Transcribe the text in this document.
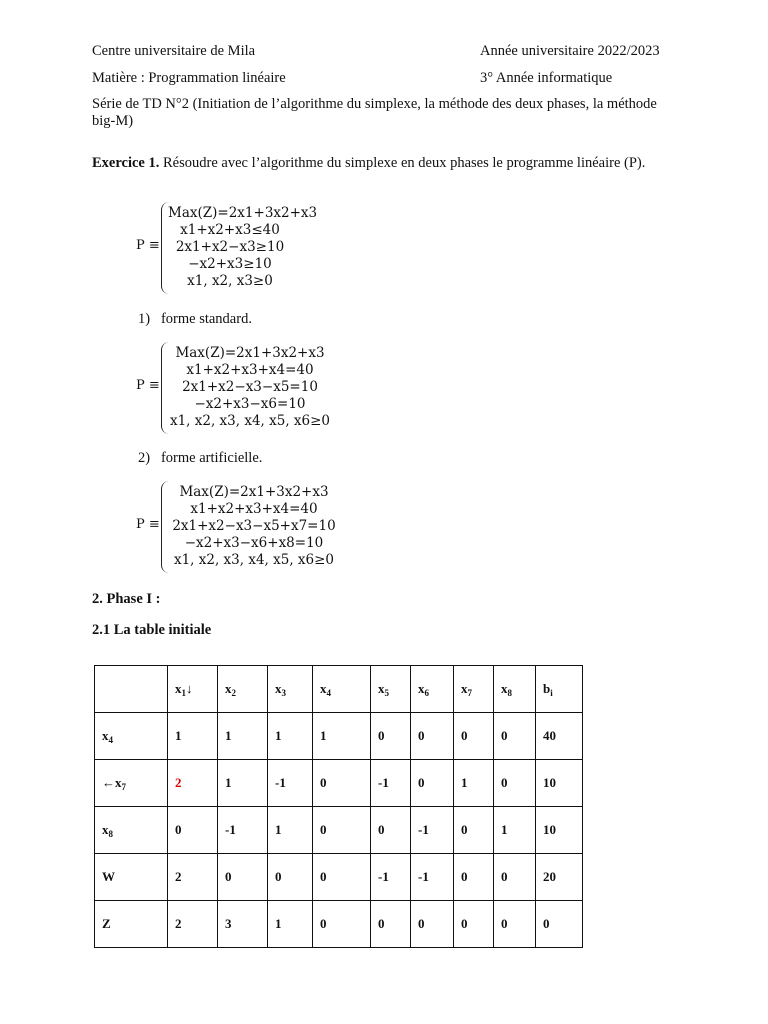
Centre universitaire de Mila	Année universitaire 2022/2023
Matière : Programmation linéaire	3° Année informatique
Série de TD N°2 (Initiation de l’algorithme du simplexe, la méthode des deux phases, la méthode big-M)
Exercice 1. Résoudre avec l’algorithme du simplexe en deux phases le programme linéaire (P).
P ≡
Max(Z)=2x1+3x2+x3
x1+x2+x3≤40
2x1+x2−x3≥10
−x2+x3≥10
x1, x2, x3≥0
1)   forme standard.
P ≡
Max(Z)=2x1+3x2+x3
x1+x2+x3+x4=40
2x1+x2−x3−x5=10
−x2+x3−x6=10
x1, x2, x3, x4, x5, x6≥0
2)   forme artificielle.
P ≡
Max(Z)=2x1+3x2+x3
x1+x2+x3+x4=40
2x1+x2−x3−x5+x7=10
−x2+x3−x6+x8=10
x1, x2, x3, x4, x5, x6≥0
2. Phase I :
2.1 La table initiale
	$x_1↓$	$x_2$	$x_3$	$x_4$	$x_5$	$x_6$	$x_7$	$x_8$	$b_i$
$x_4$	1	1	1	1	0	0	0	0	40
$\leftarrow x_7$	2	1	-1	0	-1	0	1	0	10
$x_8$	0	-1	1	0	0	-1	0	1	10
W	2	0	0	0	-1	-1	0	0	20
Z	2	3	1	0	0	0	0	0	0
